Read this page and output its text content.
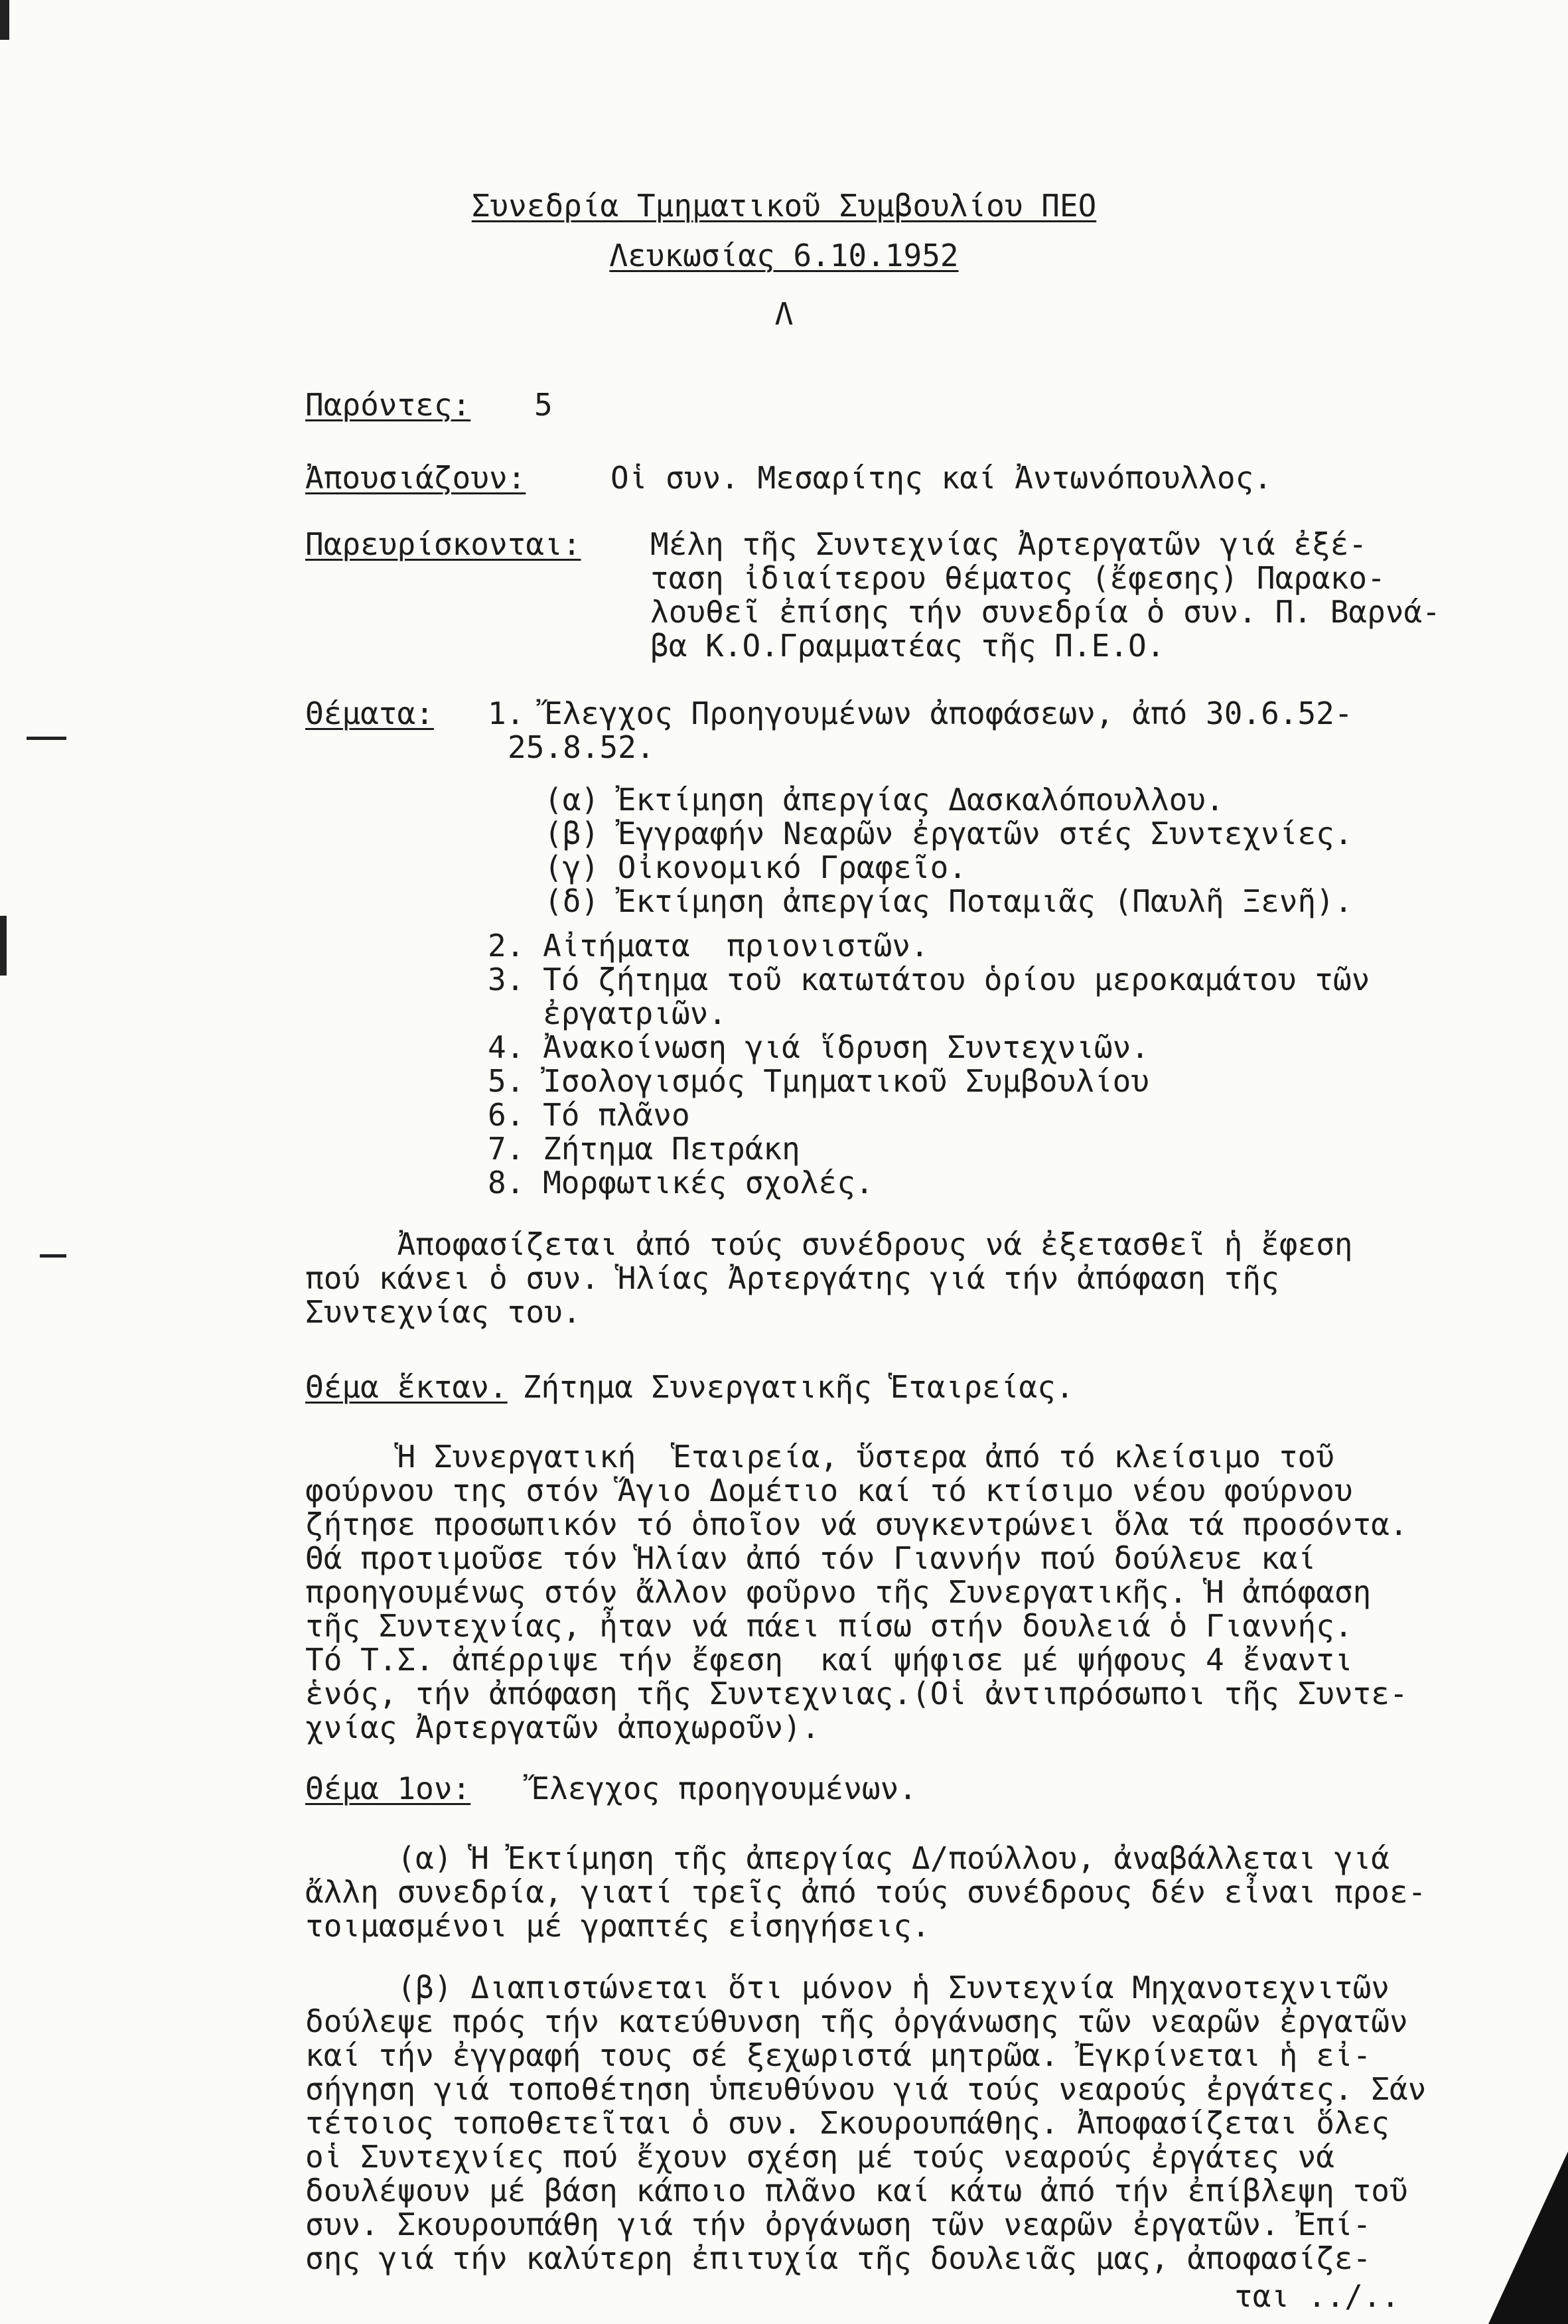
Συνεδρία Τμηματικοῦ Συμβουλίου ΠΕΟ
Λευκωσίας 6.10.1952
Λ
Παρόντες: 5
Ἀπουσιάζουν:	Οἱ συν. Μεσαρίτης καί Ἀντωνόπουλλος.
Παρευρίσκονται: Μέλη τῆς Συντεχνίας Ἀρτεργατῶν γιά ἐξέ-
ταση ἰδιαίτερου θέματος (ἔφεσης) Παρακο-
λουθεῖ ἐπίσης τήν συνεδρία ὁ συν. Π. Βαρνά-
βα Κ.Ο.Γραμματέας τῆς Π.Ε.Ο.
Θέματα: 1. Ἔλεγχος Προηγουμένων ἀποφάσεων, ἀπό 30.6.52-
25.8.52.
(α) Ἐκτίμηση ἀπεργίας Δασκαλόπουλλου.
(β) Ἐγγραφήν Νεαρῶν ἐργατῶν στές Συντεχνίες.
(γ) Οἰκονομικό Γραφεῖο.
(δ) Ἐκτίμηση ἀπεργίας Ποταμιᾶς (Παυλῆ Ξενῆ).
2. Αἰτήματα  πριονιστῶν.
3. Τό ζήτημα τοῦ κατωτάτου ὁρίου μεροκαμάτου τῶν
ἐργατριῶν.
4. Ἀνακοίνωση γιά ἵδρυση Συντεχνιῶν.
5. Ἰσολογισμός Τμηματικοῦ Συμβουλίου
6. Τό πλᾶνο
7. Ζήτημα Πετράκη
8. Μορφωτικές σχολές.
Ἀποφασίζεται ἀπό τούς συνέδρους νά ἐξετασθεῖ ἡ ἔφεση
πού κάνει ὁ συν. Ἡλίας Ἀρτεργάτης γιά τήν ἀπόφαση τῆς
Συντεχνίας του.
Θέμα ἕκταν.
Ζήτημα Συνεργατικῆς Ἑταιρείας.
Ἡ Συνεργατική  Ἑταιρεία, ὕστερα ἀπό τό κλείσιμο τοῦ
φούρνου της στόν Ἅγιο Δομέτιο καί τό κτίσιμο νέου φούρνου
ζήτησε προσωπικόν τό ὁποῖον νά συγκεντρώνει ὅλα τά προσόντα.
Θά προτιμοῦσε τόν Ἡλίαν ἀπό τόν Γιαννήν πού δούλευε καί
προηγουμένως στόν ἄλλον φοῦρνο τῆς Συνεργατικῆς. Ἡ ἀπόφαση
τῆς Συντεχνίας, ἦταν νά πάει πίσω στήν δουλειά ὁ Γιαννής.
Τό Τ.Σ. ἀπέρριψε τήν ἔφεση  καί ψήφισε μέ ψήφους 4 ἔναντι
ἑνός, τήν ἀπόφαση τῆς Συντεχνιας.(Οἱ ἀντιπρόσωποι τῆς Συντε-
χνίας Ἀρτεργατῶν ἀποχωροῦν).
Θέμα 1ον: Ἔλεγχος προηγουμένων.
(α) Ἡ Ἐκτίμηση τῆς ἀπεργίας Δ/πούλλου, ἀναβάλλεται γιά
ἄλλη συνεδρία, γιατί τρεῖς ἀπό τούς συνέδρους δέν εἶναι προε-
τοιμασμένοι μέ γραπτές εἰσηγήσεις.
(β) Διαπιστώνεται ὅτι μόνον ἡ Συντεχνία Μηχανοτεχνιτῶν
δούλεψε πρός τήν κατεύθυνση τῆς ὀργάνωσης τῶν νεαρῶν ἐργατῶν
καί τήν ἐγγραφή τους σέ ξεχωριστά μητρῶα. Ἐγκρίνεται ἡ εἰ-
σήγηση γιά τοποθέτηση ὑπευθύνου γιά τούς νεαρούς ἐργάτες. Σάν
τέτοιος τοποθετεῖται ὁ συν. Σκουρουπάθης. Ἀποφασίζεται ὅλες
οἱ Συντεχνίες πού ἔχουν σχέση μέ τούς νεαρούς ἐργάτες νά
δουλέψουν μέ βάση κάποιο πλᾶνο καί κάτω ἀπό τήν ἐπίβλεψη τοῦ
συν. Σκουρουπάθη γιά τήν ὀργάνωση τῶν νεαρῶν ἐργατῶν. Ἐπί-
σης γιά τήν καλύτερη ἐπιτυχία τῆς δουλειᾶς μας, ἀποφασίζε-
ται ../..
